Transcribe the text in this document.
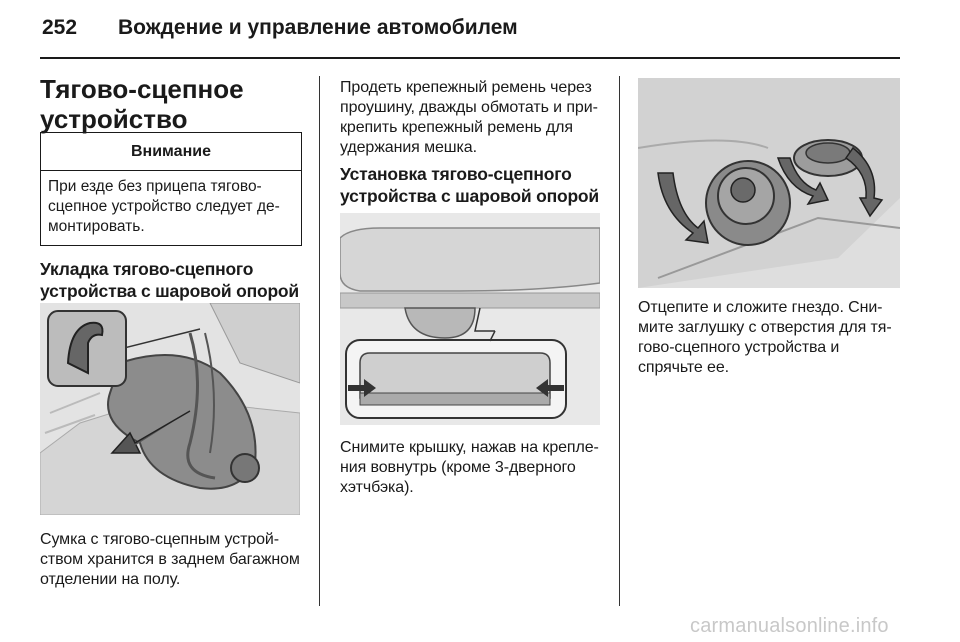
252 Вождение и управление автомобилем
Тягово-сцепное устройство
Внимание
При езде без прицепа тягово-сцепное устройство следует де-монтировать.
Укладка тягово-сцепного устройства с шаровой опорой
Сумка с тягово-сцепным устрой-ством хранится в заднем багажном отделении на полу.
Продеть крепежный ремень через проушину, дважды обмотать и при-крепить крепежный ремень для удержания мешка.
Установка тягово-сцепного устройства с шаровой опорой
Снимите крышку, нажав на крепле-ния вовнутрь (кроме 3-дверного хэтчбэка).
Отцепите и сложите гнездо. Сни-мите заглушку с отверстия для тя-гово-сцепного устройства и спрячьте ее.
carmanualsonline.info
